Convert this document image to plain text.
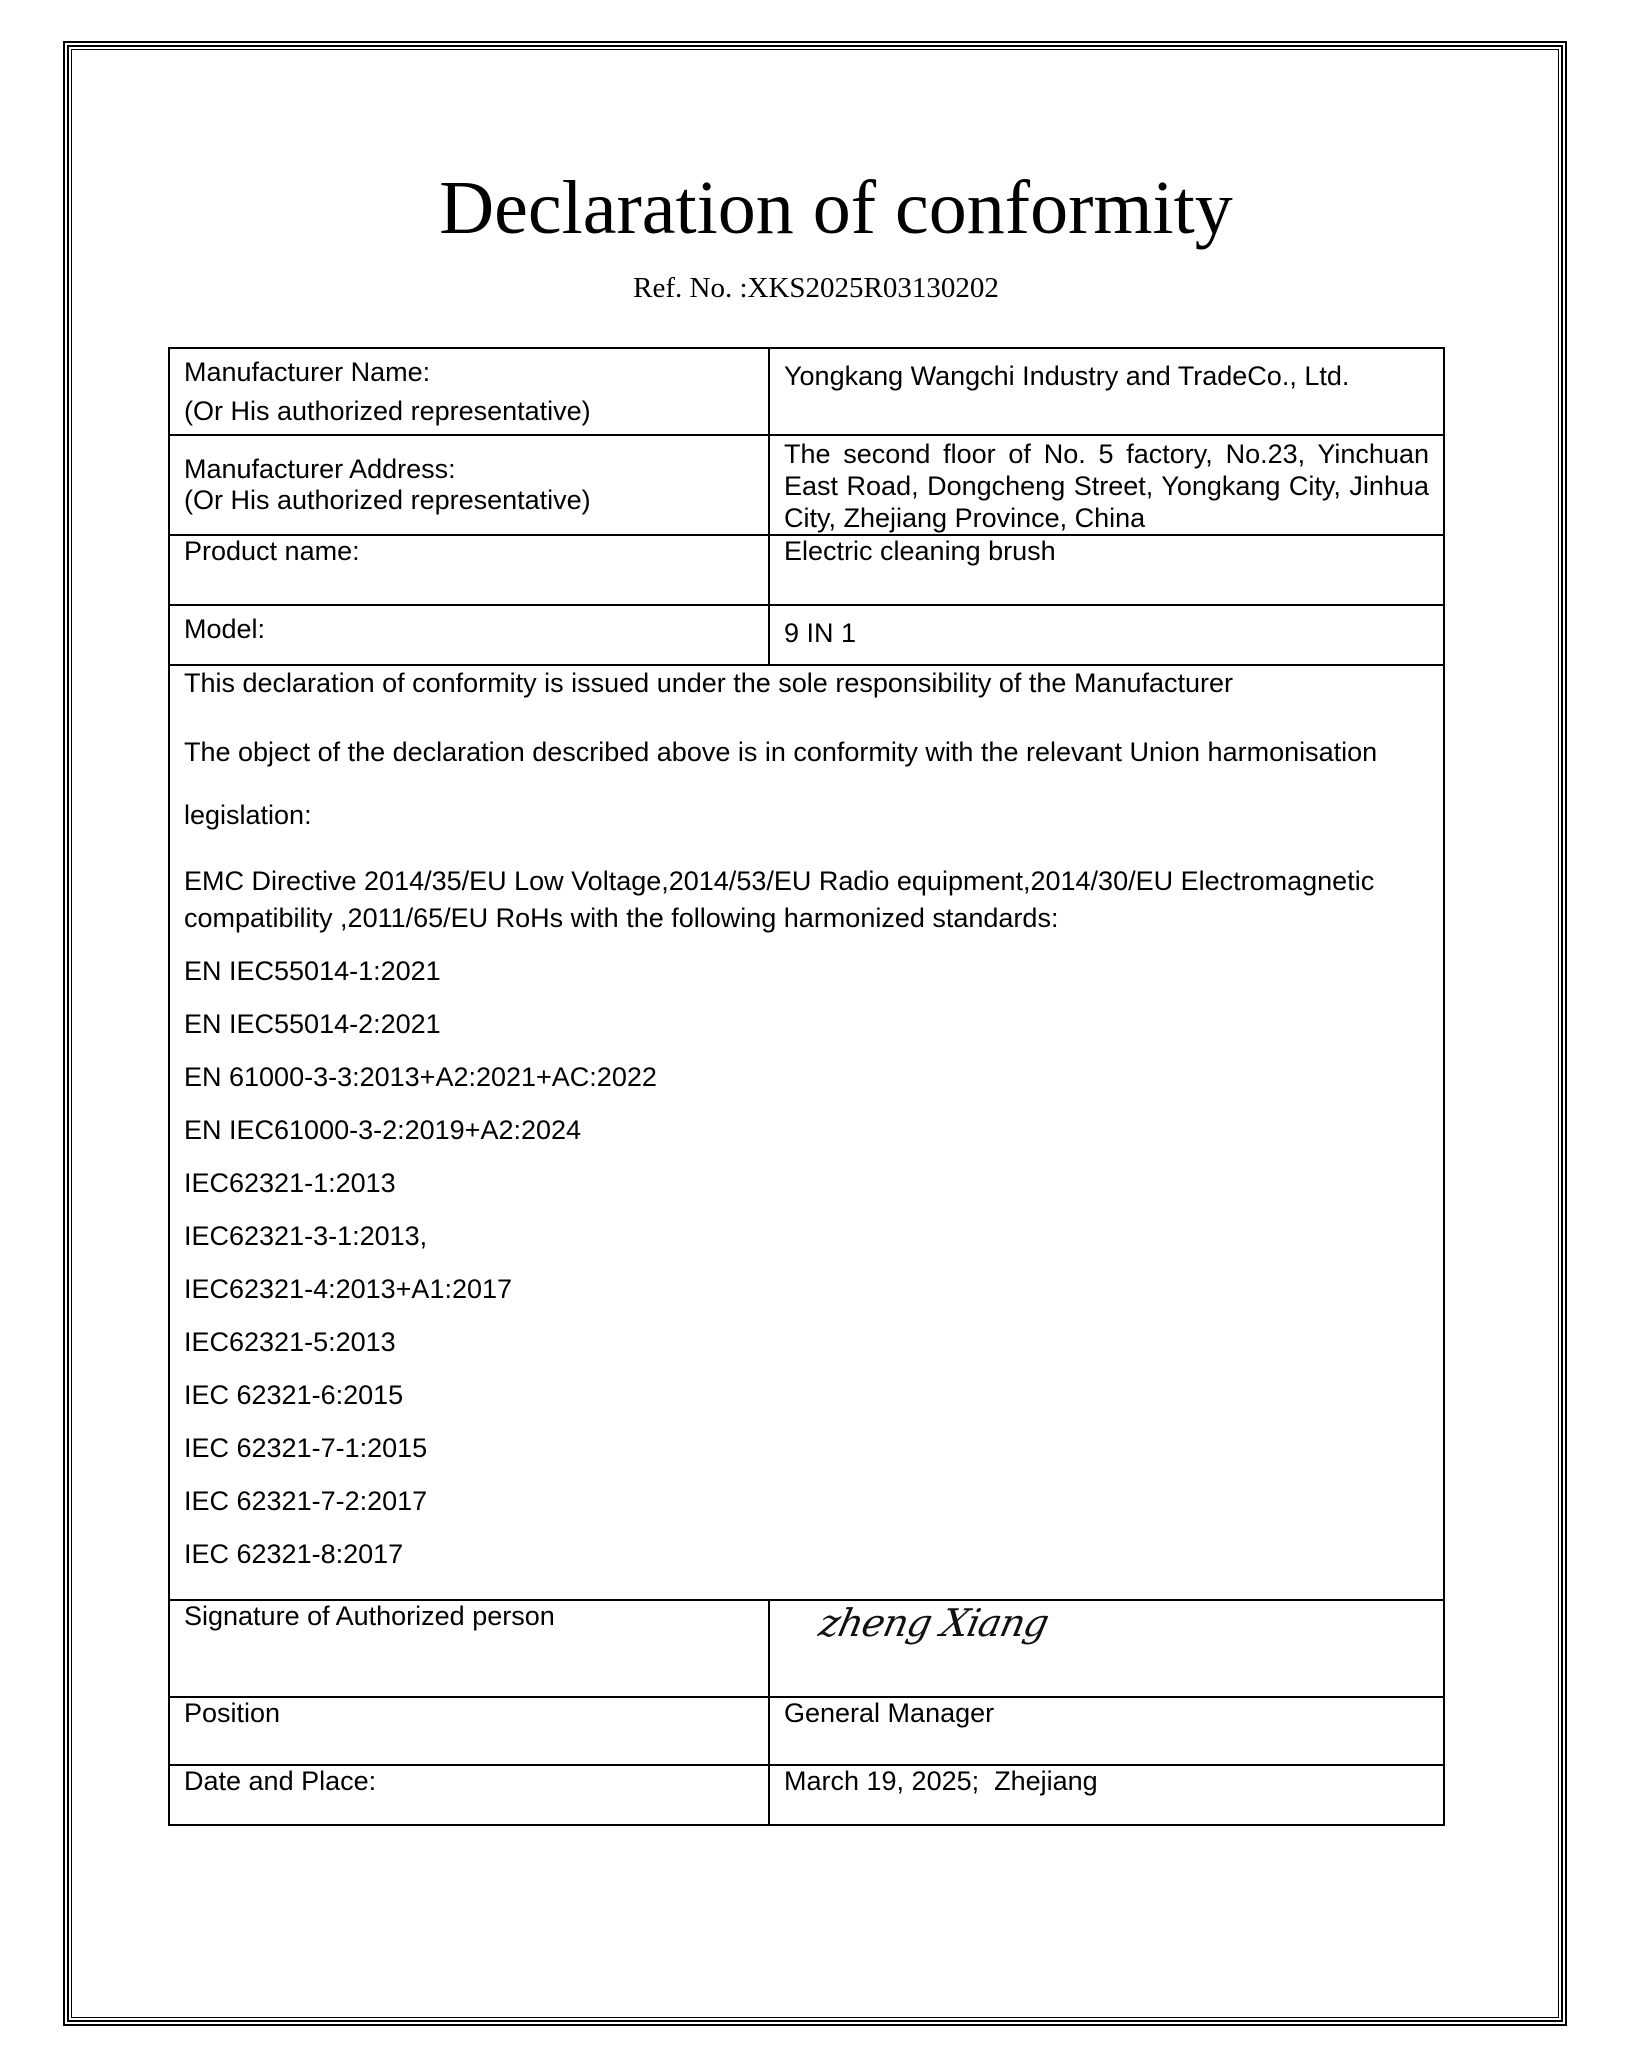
Declaration of conformity
Ref. No. :XKS2025R03130202
Manufacturer Name:
(Or His authorized representative)	Yongkang Wangchi Industry and TradeCo., Ltd.

Manufacturer Address:
(Or His authorized representative)	The second floor of No. 5 factory, No.23, Yinchuan East Road, Dongcheng Street, Yongkang City, Jinhua City, Zhejiang Province, China
Product name:	Electric cleaning brush

Model:	9 IN 1

This declaration of conformity is issued under the sole responsibility of the Manufacturer
The object of the declaration described above is in conformity with the relevant Union harmonisation
legislation:
EMC Directive 2014/35/EU Low Voltage,2014/53/EU Radio equipment,2014/30/EU Electromagnetic compatibility ,2011/65/EU RoHs with the following harmonized standards:
EN IEC55014-1:2021
EN IEC55014-2:2021
EN 61000-3-3:2013+A2:2021+AC:2022
EN IEC61000-3-2:2019+A2:2024
IEC62321-1:2013
IEC62321-3-1:2013,
IEC62321-4:2013+A1:2017
IEC62321-5:2013
IEC 62321-6:2015
IEC 62321-7-1:2015
IEC 62321-7-2:2017
IEC 62321-8:2017

Signature of Authorized person	zheng Xiang
Position	General Manager
Date and Place:	March 19, 2025;  Zhejiang
